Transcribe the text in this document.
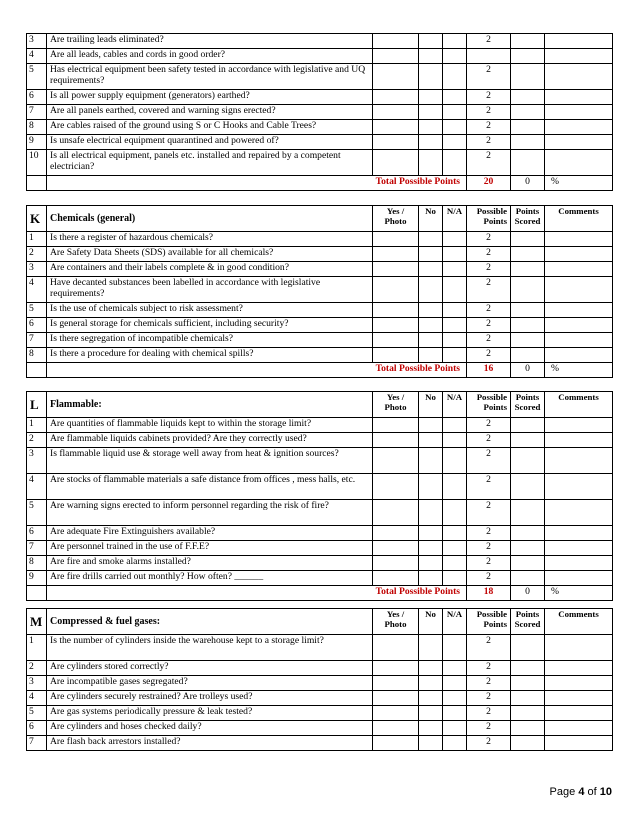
3	Are trailing leads eliminated?				2		
4	Are all leads, cables and cords in good order?						
5	Has electrical equipment been safety tested in accordance with legislative and UQ requirements?				2		
6	Is all power supply equipment (generators) earthed?				2		
7	Are all panels earthed, covered and warning signs erected?				2		
8	Are cables raised of the ground using S or C Hooks and Cable Trees?				2		
9	Is unsafe electrical equipment quarantined and powered of?				2		
10	Is all electrical equipment, panels etc. installed and repaired by a competent electrician?				2		
	Total Possible Points				20	0	%
K	Chemicals (general)	Yes / Photo	No	N/A	Possible Points	Points Scored	Comments
1	Is there a register of hazardous chemicals?				2		
2	Are Safety Data Sheets (SDS) available for all chemicals?				2		
3	Are containers and their labels complete & in good condition?				2		
4	Have decanted substances been labelled in accordance with legislative requirements?				2		
5	Is the use of chemicals subject to risk assessment?				2		
6	Is general storage for chemicals sufficient, including security?				2		
7	Is there segregation of incompatible chemicals?				2		
8	Is there a procedure for dealing with chemical spills?				2		
	Total Possible Points				16	0	%
L	Flammable:	Yes / Photo	No	N/A	Possible Points	Points Scored	Comments
1	Are quantities of flammable liquids kept to within the storage limit?				2		
2	Are flammable liquids cabinets provided? Are they correctly used?				2		
3	Is flammable liquid use & storage well away from heat & ignition sources?				2		
4	Are stocks of flammable materials a safe distance from offices , mess halls, etc.				2		
5	Are warning signs erected to inform personnel regarding the risk of fire?				2		
6	Are adequate Fire Extinguishers available?				2		
7	Are personnel trained in the use of F.F.E?				2		
8	Are fire and smoke alarms installed?				2		
9	Are fire drills carried out monthly? How often? ______				2		
	Total Possible Points				18	0	%
M	Compressed & fuel gases:	Yes / Photo	No	N/A	Possible Points	Points Scored	Comments
1	Is the number of cylinders inside the warehouse kept to a storage limit?				2		
2	Are cylinders stored correctly?				2		
3	Are incompatible gases segregated?				2		
4	Are cylinders securely restrained? Are trolleys used?				2		
5	Are gas systems periodically pressure & leak tested?				2		
6	Are cylinders and hoses checked daily?				2		
7	Are flash back arrestors installed?				2		
Page 4 of 10
